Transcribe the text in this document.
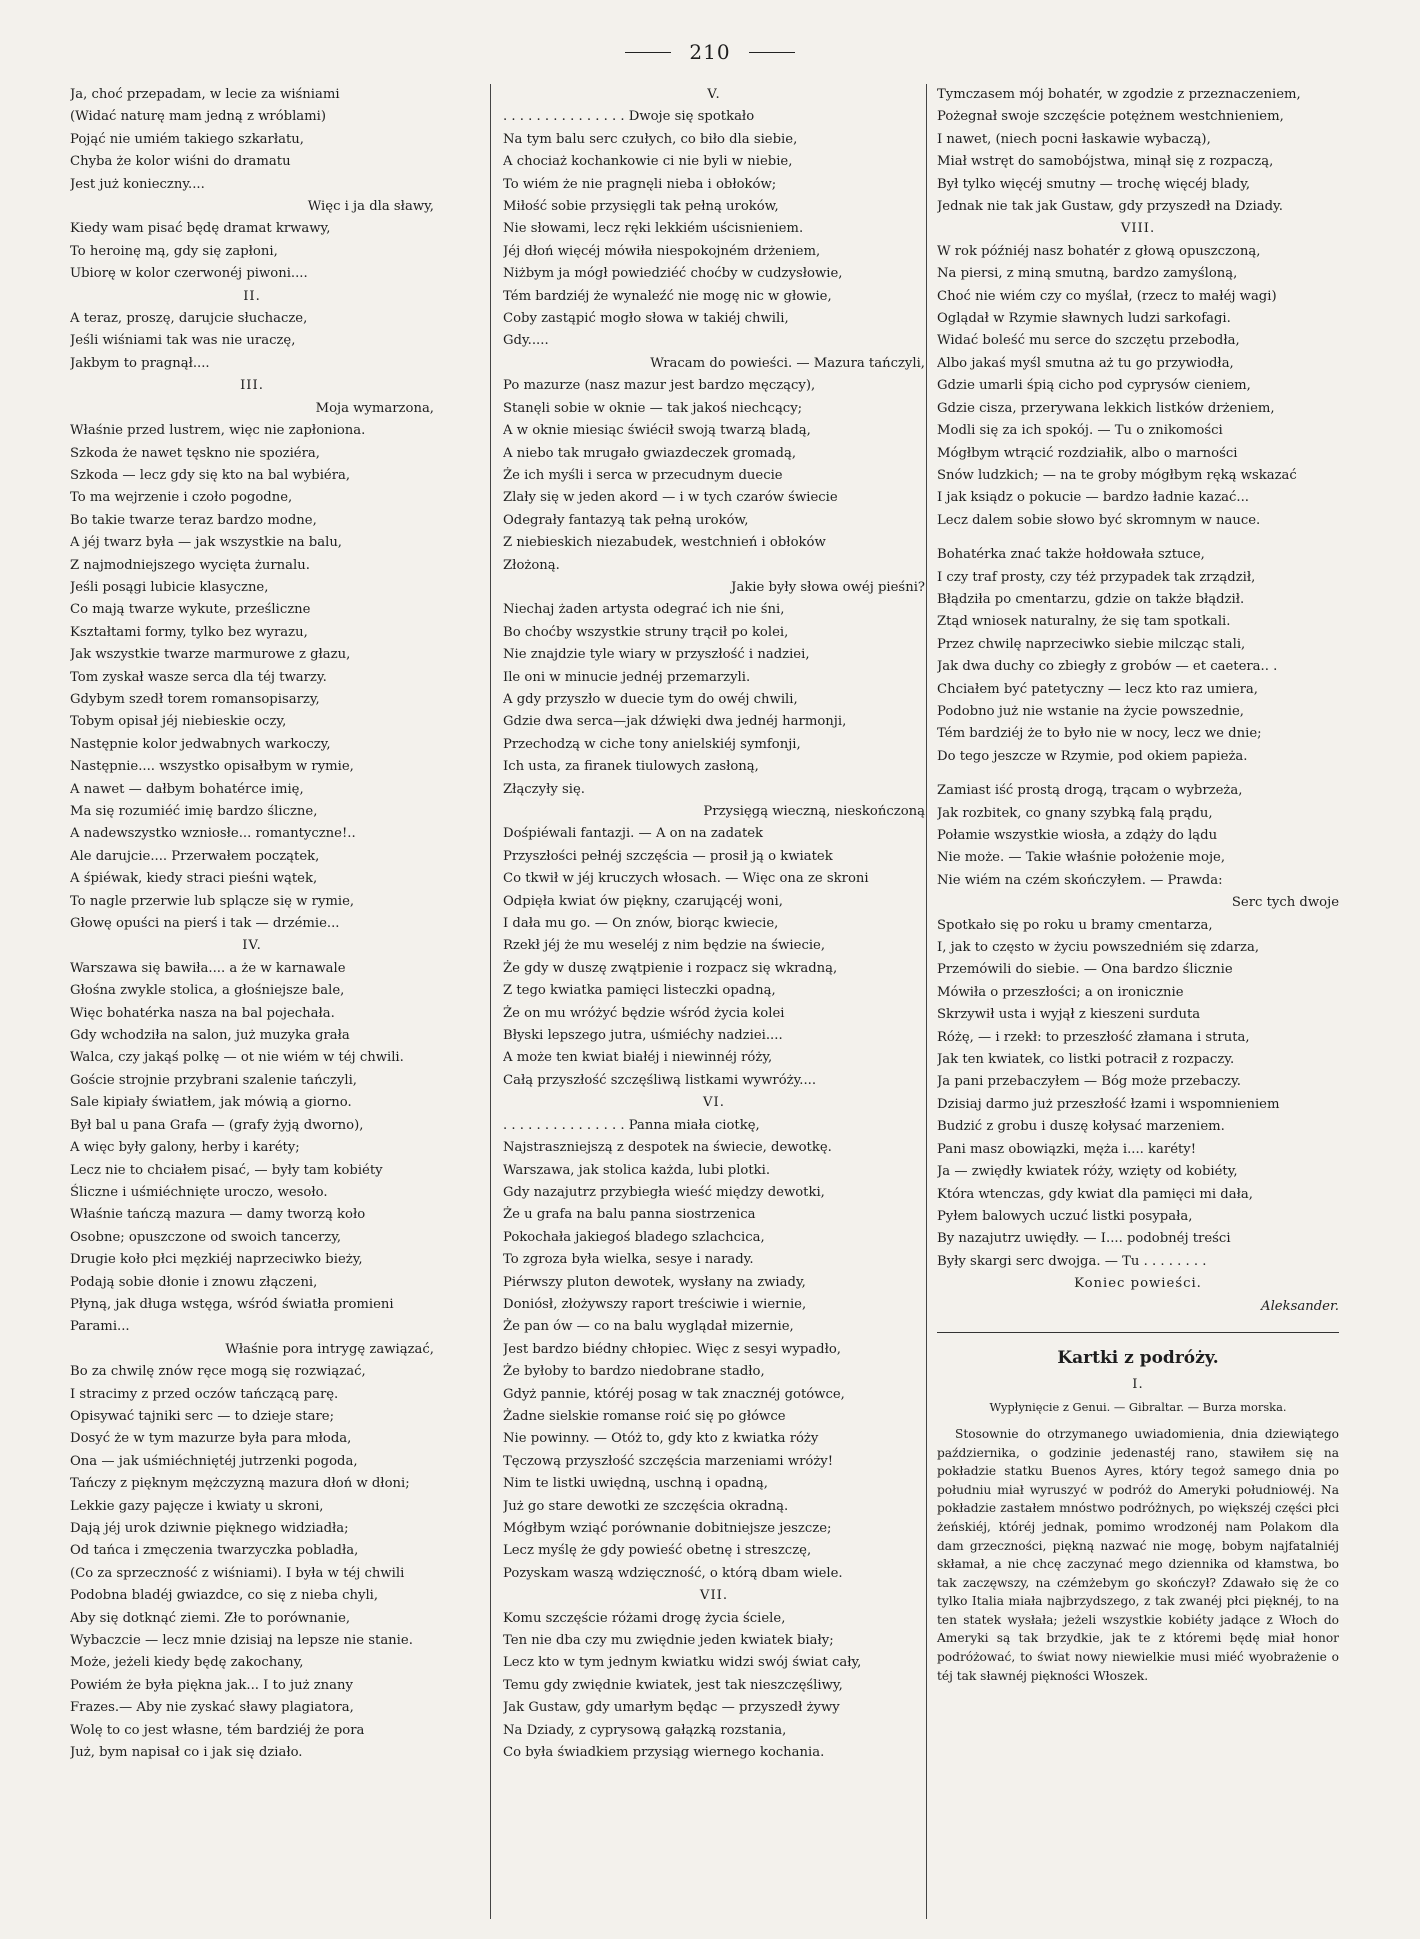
210
Ja, choć przepadam, w lecie za wiśniami
(Widać naturę mam jedną z wróblami)
Pojąć nie umiém takiego szkarłatu,
Chyba że kolor wiśni do dramatu
Jest już konieczny....
Więc i ja dla sławy,
Kiedy wam pisać będę dramat krwawy,
To heroinę mą, gdy się zapłoni,
Ubiorę w kolor czerwonéj piwoni....
II.
A teraz, proszę, darujcie słuchacze,
Jeśli wiśniami tak was nie uraczę,
Jakbym to pragnął....
III.
Moja wymarzona,
Właśnie przed lustrem, więc nie zapłoniona.
Szkoda że nawet tęskno nie spoziéra,
Szkoda — lecz gdy się kto na bal wybiéra,
To ma wejrzenie i czoło pogodne,
Bo takie twarze teraz bardzo modne,
A jéj twarz była — jak wszystkie na balu,
Z najmodniejszego wycięta żurnalu.
Jeśli posągi lubicie klasyczne,
Co mają twarze wykute, prześliczne
Kształtami formy, tylko bez wyrazu,
Jak wszystkie twarze marmurowe z głazu,
Tom zyskał wasze serca dla téj twarzy.
Gdybym szedł torem romansopisarzy,
Tobym opisał jéj niebieskie oczy,
Następnie kolor jedwabnych warkoczy,
Następnie.... wszystko opisałbym w rymie,
A nawet — dałbym bohatérce imię,
Ma się rozumiéć imię bardzo śliczne,
A nadewszystko wzniosłe... romantyczne!..
Ale darujcie.... Przerwałem początek,
A śpiéwak, kiedy straci pieśni wątek,
To nagle przerwie lub splącze się w rymie,
Głowę opuści na pierś i tak — drzémie...
IV.
Warszawa się bawiła.... a że w karnawale
Głośna zwykle stolica, a głośniejsze bale,
Więc bohatérka nasza na bal pojechała.
Gdy wchodziła na salon, już muzyka grała
Walca, czy jakąś polkę — ot nie wiém w téj chwili.
Goście strojnie przybrani szalenie tańczyli,
Sale kipiały światłem, jak mówią a giorno.
Był bal u pana Grafa — (grafy żyją dworno),
A więc były galony, herby i karéty;
Lecz nie to chciałem pisać, — były tam kobiéty
Śliczne i uśmiéchnięte uroczo, wesoło.
Właśnie tańczą mazura — damy tworzą koło
Osobne; opuszczone od swoich tancerzy,
Drugie koło płci męzkiéj naprzeciwko bieży,
Podają sobie dłonie i znowu złączeni,
Płyną, jak długa wstęga, wśród światła promieni
Parami...
Właśnie pora intrygę zawiązać,
Bo za chwilę znów ręce mogą się rozwiązać,
I stracimy z przed oczów tańczącą parę.
Opisywać tajniki serc — to dzieje stare;
Dosyć że w tym mazurze była para młoda,
Ona — jak uśmiéchniętéj jutrzenki pogoda,
Tańczy z pięknym mężczyzną mazura dłoń w dłoni;
Lekkie gazy pajęcze i kwiaty u skroni,
Dają jéj urok dziwnie pięknego widziadła;
Od tańca i zmęczenia twarzyczka pobladła,
(Co za sprzeczność z wiśniami). I była w téj chwili
Podobna bladéj gwiazdce, co się z nieba chyli,
Aby się dotknąć ziemi. Złe to porównanie,
Wybaczcie — lecz mnie dzisiaj na lepsze nie stanie.
Może, jeżeli kiedy będę zakochany,
Powiém że była piękna jak... I to już znany
Frazes.— Aby nie zyskać sławy plagiatora,
Wolę to co jest własne, tém bardziéj że pora
Już, bym napisał co i jak się działo.
V.
. . . . . . . . . . . . . . . Dwoje się spotkało
Na tym balu serc czułych, co biło dla siebie,
A chociaż kochankowie ci nie byli w niebie,
To wiém że nie pragnęli nieba i obłoków;
Miłość sobie przysięgli tak pełną uroków,
Nie słowami, lecz ręki lekkiém uścisnieniem.
Jéj dłoń więcéj mówiła niespokojném drżeniem,
Niżbym ja mógł powiedziéć choćby w cudzysłowie,
Tém bardziéj że wynaleźć nie mogę nic w głowie,
Coby zastąpić mogło słowa w takiéj chwili,
Gdy.....
Wracam do powieści. — Mazura tańczyli,
Po mazurze (nasz mazur jest bardzo męczący),
Stanęli sobie w oknie — tak jakoś niechcący;
A w oknie miesiąc świécił swoją twarzą bladą,
A niebo tak mrugało gwiazdeczek gromadą,
Że ich myśli i serca w przecudnym duecie
Zlały się w jeden akord — i w tych czarów świecie
Odegrały fantazyą tak pełną uroków,
Z niebieskich niezabudek, westchnień i obłoków
Złożoną.
Jakie były słowa owéj pieśni?
Niechaj żaden artysta odegrać ich nie śni,
Bo choćby wszystkie struny trącił po kolei,
Nie znajdzie tyle wiary w przyszłość i nadziei,
Ile oni w minucie jednéj przemarzyli.
A gdy przyszło w duecie tym do owéj chwili,
Gdzie dwa serca—jak dźwięki dwa jednéj harmonji,
Przechodzą w ciche tony anielskiéj symfonji,
Ich usta, za firanek tiulowych zasłoną,
Złączyły się.
Przysięgą wieczną, nieskończoną
Dośpiéwali fantazji. — A on na zadatek
Przyszłości pełnéj szczęścia — prosił ją o kwiatek
Co tkwił w jéj kruczych włosach. — Więc ona ze skroni
Odpięła kwiat ów piękny, czarującéj woni,
I dała mu go. — On znów, biorąc kwiecie,
Rzekł jéj że mu weseléj z nim będzie na świecie,
Że gdy w duszę zwątpienie i rozpacz się wkradną,
Z tego kwiatka pamięci listeczki opadną,
Że on mu wróżyć będzie wśród życia kolei
Błyski lepszego jutra, uśmiéchy nadziei....
A może ten kwiat białéj i niewinnéj róży,
Całą przyszłość szczęśliwą listkami wywróży....
VI.
. . . . . . . . . . . . . . . Panna miała ciotkę,
Najstraszniejszą z despotek na świecie, dewotkę.
Warszawa, jak stolica każda, lubi plotki.
Gdy nazajutrz przybiegła wieść między dewotki,
Że u grafa na balu panna siostrzenica
Pokochała jakiegoś bladego szlachcica,
To zgroza była wielka, sesye i narady.
Piérwszy pluton dewotek, wysłany na zwiady,
Doniósł, złożywszy raport treściwie i wiernie,
Że pan ów — co na balu wyglądał mizernie,
Jest bardzo biédny chłopiec. Więc z sesyi wypadło,
Że byłoby to bardzo niedobrane stadło,
Gdyż pannie, któréj posag w tak znacznéj gotówce,
Żadne sielskie romanse roić się po główce
Nie powinny. — Otóż to, gdy kto z kwiatka róży
Tęczową przyszłość szczęścia marzeniami wróży!
Nim te listki uwiędną, uschną i opadną,
Już go stare dewotki ze szczęścia okradną.
Mógłbym wziąć porównanie dobitniejsze jeszcze;
Lecz myślę że gdy powieść obetnę i streszczę,
Pozyskam waszą wdzięczność, o którą dbam wiele.
VII.
Komu szczęście różami drogę życia ściele,
Ten nie dba czy mu zwiędnie jeden kwiatek biały;
Lecz kto w tym jednym kwiatku widzi swój świat cały,
Temu gdy zwiędnie kwiatek, jest tak nieszczęśliwy,
Jak Gustaw, gdy umarłym będąc — przyszedł żywy
Na Dziady, z cyprysową gałązką rozstania,
Co była świadkiem przysiąg wiernego kochania.
Tymczasem mój bohatér, w zgodzie z przeznaczeniem,
Pożegnał swoje szczęście potężnem westchnieniem,
I nawet, (niech pocni łaskawie wybaczą),
Miał wstręt do samobójstwa, minął się z rozpaczą,
Był tylko więcéj smutny — trochę więcéj blady,
Jednak nie tak jak Gustaw, gdy przyszedł na Dziady.
VIII.
W rok późniéj nasz bohatér z głową opuszczoną,
Na piersi, z miną smutną, bardzo zamyśloną,
Choć nie wiém czy co myślał, (rzecz to małéj wagi)
Oglądał w Rzymie sławnych ludzi sarkofagi.
Widać boleść mu serce do szczętu przebodła,
Albo jakaś myśl smutna aż tu go przywiodła,
Gdzie umarli śpią cicho pod cyprysów cieniem,
Gdzie cisza, przerywana lekkich listków drżeniem,
Modli się za ich spokój. — Tu o znikomości
Mógłbym wtrącić rozdziałik, albo o marności
Snów ludzkich; — na te groby mógłbym ręką wskazać
I jak ksiądz o pokucie — bardzo ładnie kazać...
Lecz dalem sobie słowo być skromnym w nauce.
Bohatérka znać także hołdowała sztuce,
I czy traf prosty, czy téż przypadek tak zrządził,
Błądziła po cmentarzu, gdzie on także błądził.
Ztąd wniosek naturalny, że się tam spotkali.
Przez chwilę naprzeciwko siebie milcząc stali,
Jak dwa duchy co zbiegły z grobów — et caetera.. .
Chciałem być patetyczny — lecz kto raz umiera,
Podobno już nie wstanie na życie powszednie,
Tém bardziéj że to było nie w nocy, lecz we dnie;
Do tego jeszcze w Rzymie, pod okiem papieża.
Zamiast iść prostą drogą, trącam o wybrzeża,
Jak rozbitek, co gnany szybką falą prądu,
Połamie wszystkie wiosła, a zdąży do lądu
Nie może. — Takie właśnie położenie moje,
Nie wiém na czém skończyłem. — Prawda:
Serc tych dwoje
Spotkało się po roku u bramy cmentarza,
I, jak to często w życiu powszedniém się zdarza,
Przemówili do siebie. — Ona bardzo ślicznie
Mówiła o przeszłości; a on ironicznie
Skrzywił usta i wyjął z kieszeni surduta
Różę, — i rzekł: to przeszłość złamana i struta,
Jak ten kwiatek, co listki potracił z rozpaczy.
Ja pani przebaczyłem — Bóg może przebaczy.
Dzisiaj darmo już przeszłość łzami i wspomnieniem
Budzić z grobu i duszę kołysać marzeniem.
Pani masz obowiązki, męża i.... karéty!
Ja — zwiędły kwiatek róży, wzięty od kobiéty,
Która wtenczas, gdy kwiat dla pamięci mi dała,
Pyłem balowych uczuć listki posypała,
By nazajutrz uwiędły. — I.... podobnéj treści
Były skargi serc dwojga. — Tu . . . . . . . .
Koniec powieści.
Aleksander.
Kartki z podróży.
I.
Wypłynięcie z Genui. — Gibraltar. — Burza morska.

Stosownie do otrzymanego uwiadomienia, dnia dziewiątego października, o godzinie jedenastéj rano, stawiłem się na pokładzie statku Buenos Ayres, który tegoż samego dnia po południu miał wyruszyć w podróż do Ameryki południowéj. Na pokładzie zastałem mnóstwo podróżnych, po większéj części płci żeńskiéj, któréj jednak, pomimo wrodzonéj nam Polakom dla dam grzeczności, piękną nazwać nie mogę, bobym najfatalniéj skłamał, a nie chcę zaczynać mego dziennika od kłamstwa, bo tak zaczęwszy, na czémżebym go skończył? Zdawało się że co tylko Italia miała najbrzydszego, z tak zwanéj płci pięknéj, to na ten statek wysłała; jeżeli wszystkie kobiéty jadące z Włoch do Ameryki są tak brzydkie, jak te z któremi będę miał honor podróżować, to świat nowy niewielkie musi miéć wyobrażenie o téj tak sławnéj piękności Włoszek.
